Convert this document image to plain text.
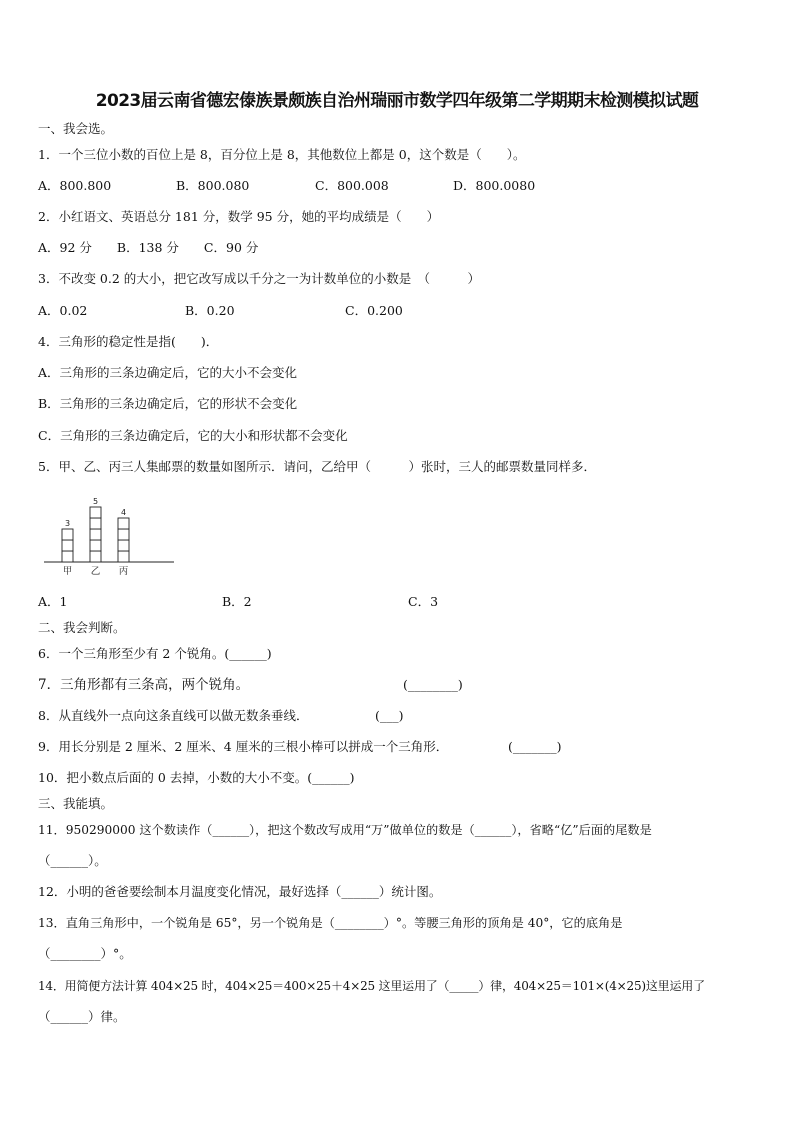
2023届云南省德宏傣族景颇族自治州瑞丽市数学四年级第二学期期末检测模拟试题
一、我会选。
1．一个三位小数的百位上是 8，百分位上是 8，其他数位上都是 0，这个数是（　　）。
A．800.800	B．800.080	C．800.008	D．800.0080
2．小红语文、英语总分 181 分，数学 95 分，她的平均成绩是（　　）
A．92 分　　B．138 分　　C．90 分
3．不改变 0.2 的大小，把它改写成以千分之一为计数单位的小数是　（　　　）
A．0.02	B．0.20	C．0.200
4．三角形的稳定性是指(　　)．
A．三角形的三条边确定后，它的大小不会变化
B．三角形的三条边确定后，它的形状不会变化
C．三角形的三条边确定后，它的大小和形状都不会变化
5．甲、乙、丙三人集邮票的数量如图所示．请问，乙给甲（　　　）张时，三人的邮票数量同样多．
3
甲
5
乙
4
丙
A．1	B．2	C．3
二、我会判断。
6．一个三角形至少有 2 个锐角。(______)
7．三角形都有三条高，两个锐角。	(________)
8．从直线外一点向这条直线可以做无数条垂线．	(___)
9．用长分别是 2 厘米、2 厘米、4 厘米的三根小棒可以拼成一个三角形．	(_______)
10．把小数点后面的 0 去掉，小数的大小不变。(______)
三、我能填。
11．950290000 这个数读作（______），把这个数改写成用“万”做单位的数是（______），省略“亿”后面的尾数是
（______）。
12．小明的爸爸要绘制本月温度变化情况，最好选择（______）统计图。
13．直角三角形中，一个锐角是 65°，另一个锐角是（________）°。等腰三角形的顶角是 40°，它的底角是
（________）°。
14．用简便方法计算 404×25 时，404×25＝400×25＋4×25 这里运用了（_____）律，404×25＝101×(4×25)这里运用了
（______）律。
